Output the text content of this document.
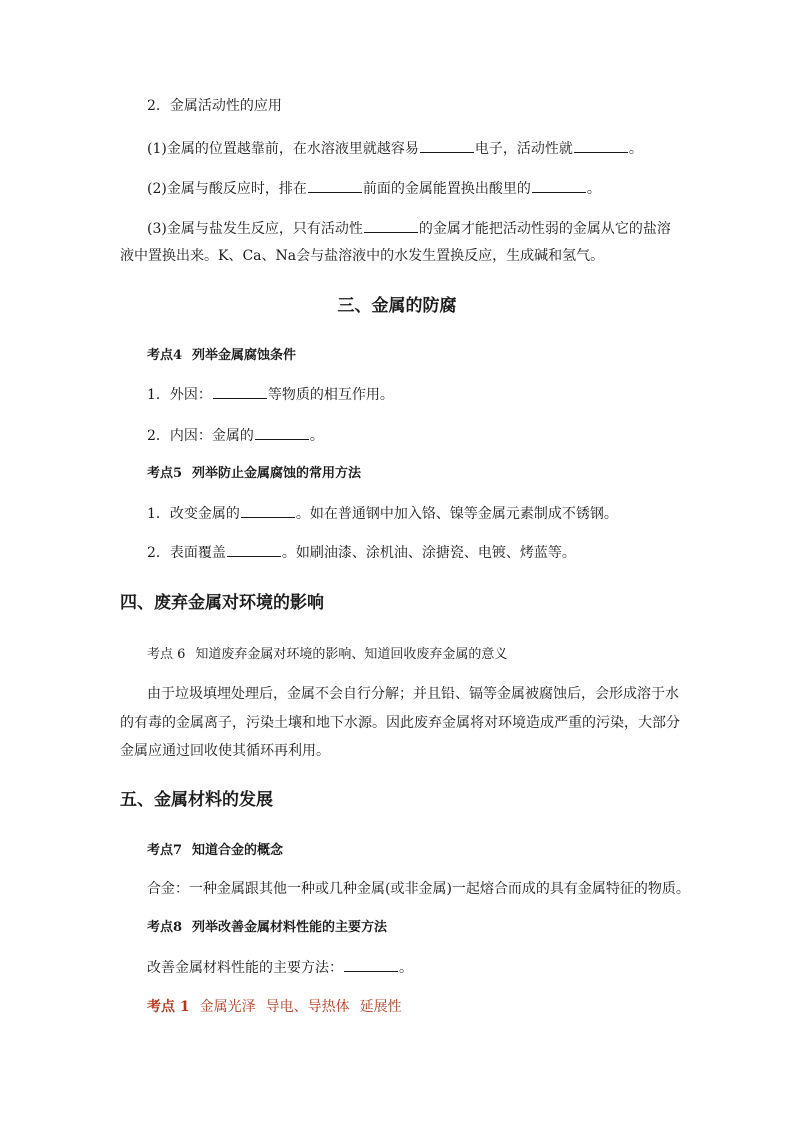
2．金属活动性的应用
(1)金属的位置越靠前，在水溶液里就越容易	电子，活动性就	。
(2)金属与酸反应时，排在	前面的金属能置换出酸里的	。
(3)金属与盐发生反应，只有活动性	的金属才能把活动性弱的金属从它的盐溶
液中置换出来。K、Ca、Na会与盐溶液中的水发生置换反应，生成碱和氢气。
三、金属的防腐
考点4 列举金属腐蚀条件
1．外因：	等物质的相互作用。
2．内因：金属的	。
考点5 列举防止金属腐蚀的常用方法
1．改变金属的	。如在普通钢中加入铬、镍等金属元素制成不锈钢。
2．表面覆盖	。如刷油漆、涂机油、涂搪瓷、电镀、烤蓝等。
四、废弃金属对环境的影响
考点 6 知道废弃金属对环境的影响、知道回收废弃金属的意义
由于垃圾填埋处理后，金属不会自行分解；并且铅、镉等金属被腐蚀后，会形成溶于水
的有毒的金属离子，污染土壤和地下水源。因此废弃金属将对环境造成严重的污染，大部分
金属应通过回收使其循环再利用。
五、金属材料的发展
考点7 知道合金的概念
合金：一种金属跟其他一种或几种金属(或非金属)一起熔合而成的具有金属特征的物质。
考点8 列举改善金属材料性能的主要方法
改善金属材料性能的主要方法：	。
考点 1 金属光泽 导电、导热体 延展性
